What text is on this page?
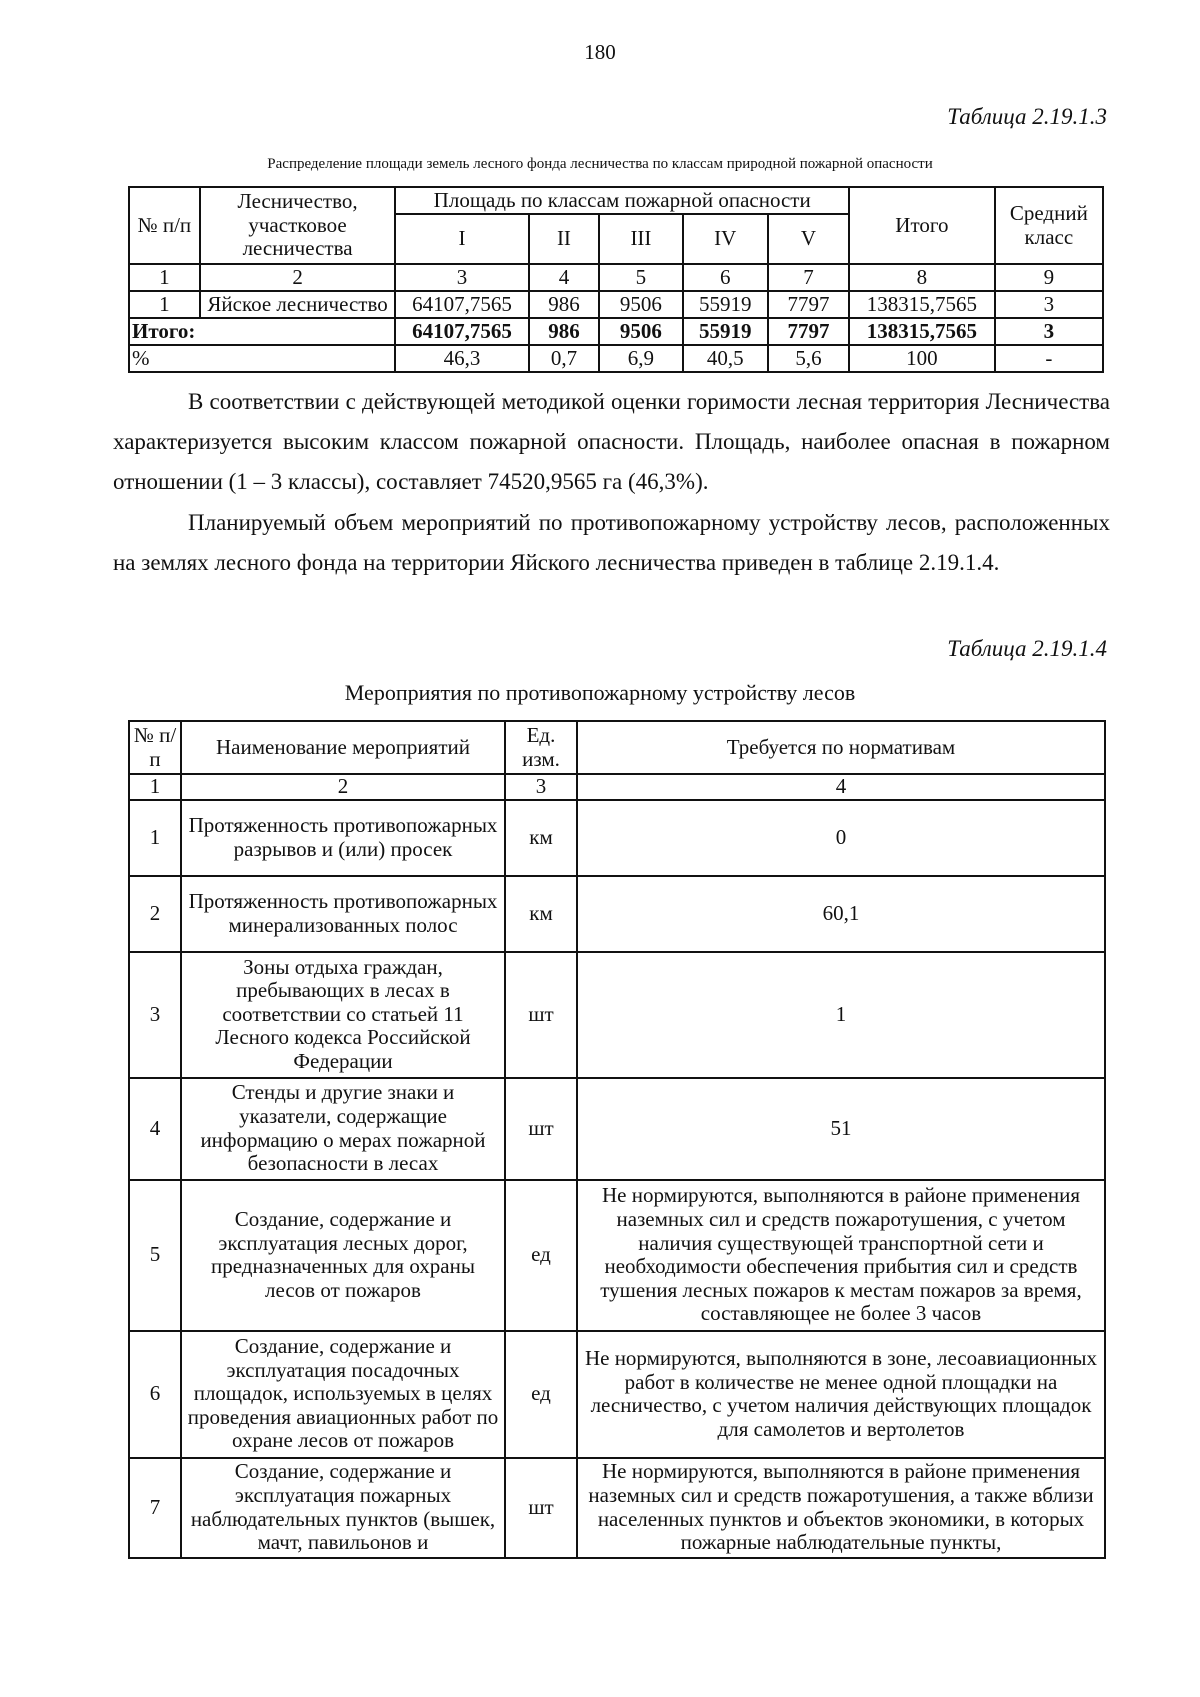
180
Таблица 2.19.1.3
Распределение площади земель лесного фонда лесничества по классам природной пожарной опасности
№ п/п	Лесничество, участковое лесничества	Площадь по классам пожарной опасности					Итого	Средний класс
		I	II	III	IV	V		
1	2	3	4	5	6	7	8	9
1	Яйское лесничество	64107,7565	986	9506	55919	7797	138315,7565	3
Итого:		64107,7565	986	9506	55919	7797	138315,7565	3
%		46,3	0,7	6,9	40,5	5,6	100	-

В соответствии с действующей методикой оценки горимости лесная территория Лесничества характеризуется высоким классом пожарной опасности. Площадь, наиболее опасная в пожарном отношении (1 – 3 классы), составляет 74520,9565 га (46,3%).

Планируемый объем мероприятий по противопожарному устройству лесов, расположенных на землях лесного фонда на территории Яйского лесничества приведен в таблице 2.19.1.4.

Таблица 2.19.1.4
Мероприятия по противопожарному устройству лесов
№ п/п	Наименование мероприятий	Ед. изм.	Требуется по нормативам
1	2	3	4
1	Протяженность противопожарных разрывов и (или) просек	км	0
2	Протяженность противопожарных минерализованных полос	км	60,1
3	Зоны отдыха граждан, пребывающих в лесах в соответствии со статьей 11 Лесного кодекса Российской Федерации	шт	1
4	Стенды и другие знаки и указатели, содержащие информацию о мерах пожарной безопасности в лесах	шт	51
5	Создание, содержание и эксплуатация лесных дорог, предназначенных для охраны лесов от пожаров	ед	Не нормируются, выполняются в районе применения наземных сил и средств пожаротушения, с учетом наличия существующей транспортной сети и необходимости обеспечения прибытия сил и средств тушения лесных пожаров к местам пожаров за время, составляющее не более 3 часов
6	Создание, содержание и эксплуатация посадочных площадок, используемых в целях проведения авиационных работ по охране лесов от пожаров	ед	Не нормируются, выполняются в зоне, лесоавиационных работ в количестве не менее одной площадки на лесничество, с учетом наличия действующих площадок для самолетов и вертолетов
7	Создание, содержание и эксплуатация пожарных наблюдательных пунктов (вышек, мачт, павильонов и	шт	Не нормируются, выполняются в районе применения наземных сил и средств пожаротушения, а также вблизи населенных пунктов и объектов экономики, в которых пожарные наблюдательные пункты,
